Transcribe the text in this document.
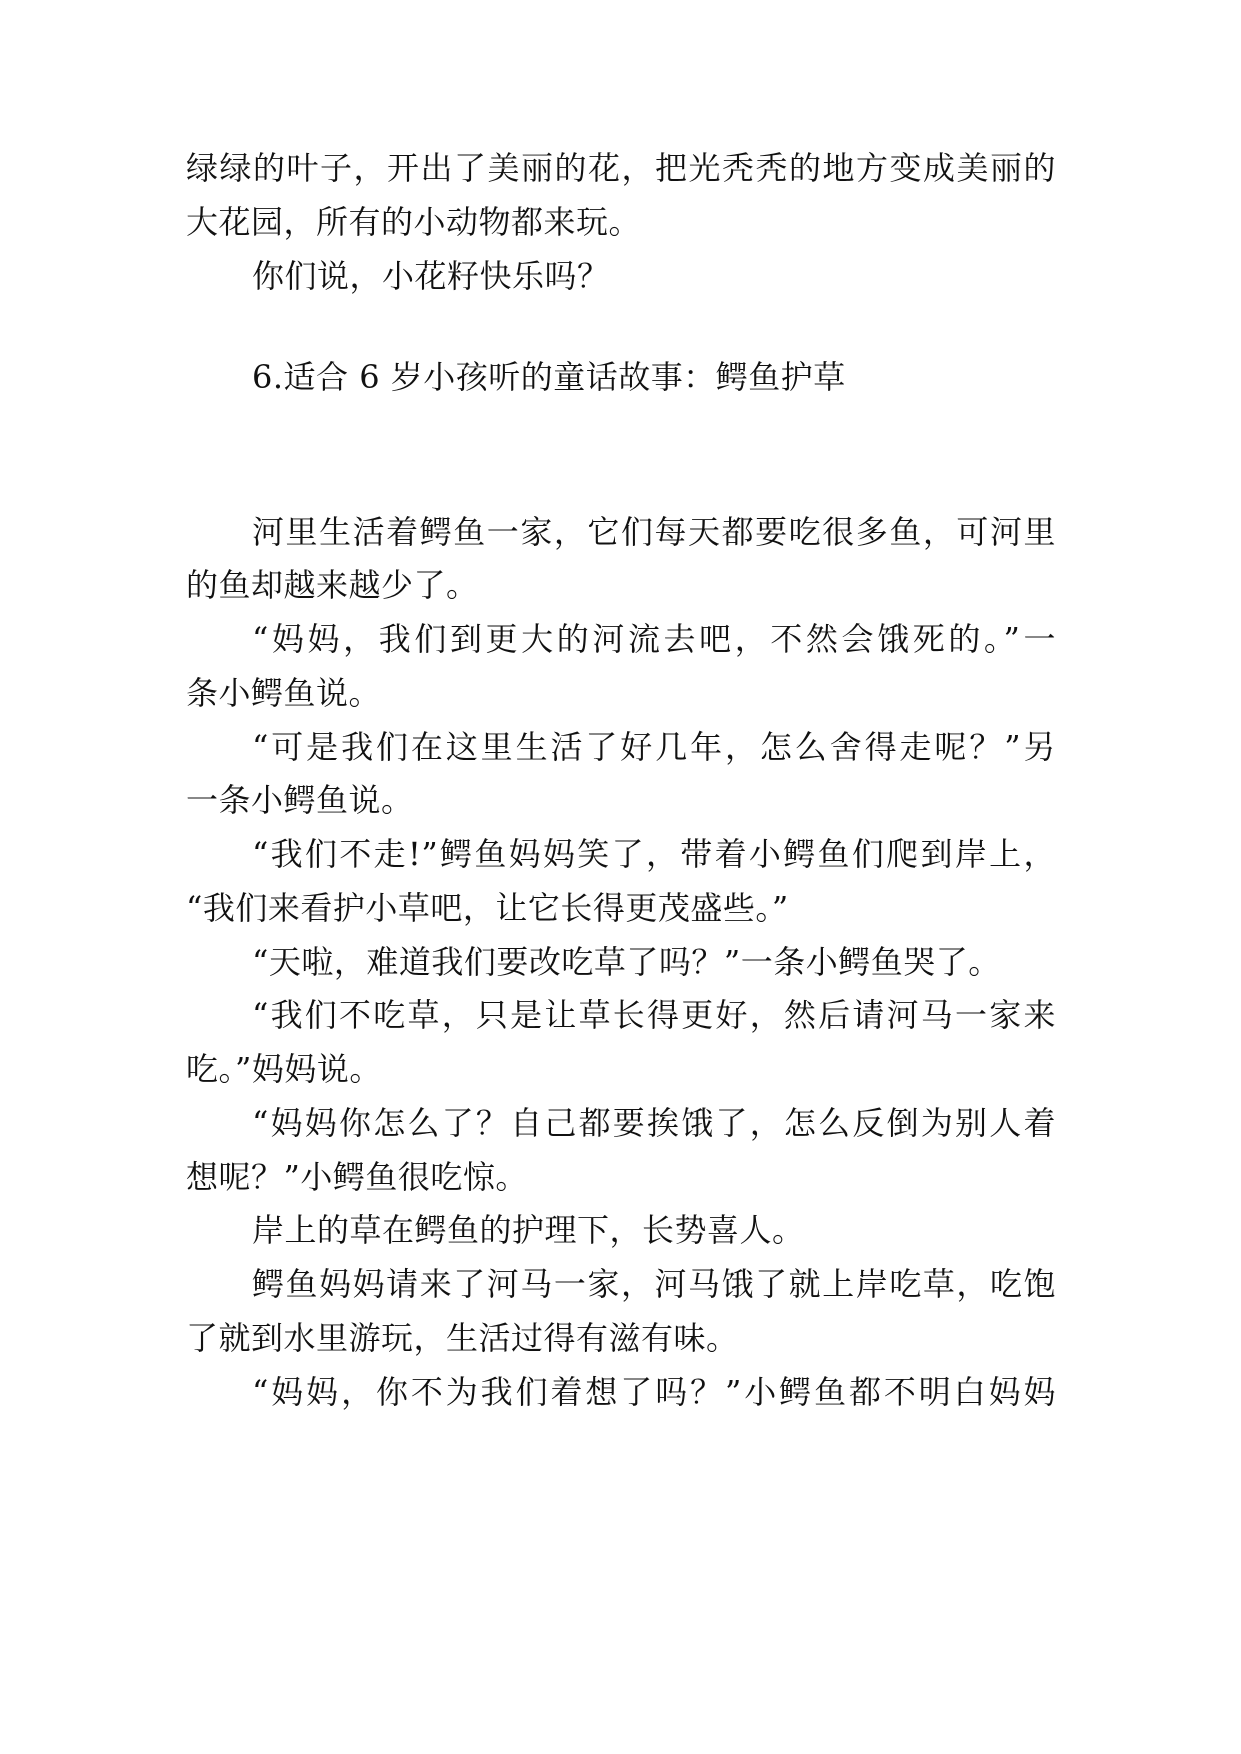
绿绿的叶子，开出了美丽的花，把光秃秃的地方变成美丽的
大花园，所有的小动物都来玩。
你们说，小花籽快乐吗？
6.适合 6 岁小孩听的童话故事：鳄鱼护草
河里生活着鳄鱼一家，它们每天都要吃很多鱼，可河里
的鱼却越来越少了。
“妈妈，我们到更大的河流去吧，不然会饿死的。”一
条小鳄鱼说。
“可是我们在这里生活了好几年，怎么舍得走呢？”另
一条小鳄鱼说。
“我们不走!”鳄鱼妈妈笑了，带着小鳄鱼们爬到岸上，
“我们来看护小草吧，让它长得更茂盛些。”
“天啦，难道我们要改吃草了吗？”一条小鳄鱼哭了。
“我们不吃草，只是让草长得更好，然后请河马一家来
吃。”妈妈说。
“妈妈你怎么了？自己都要挨饿了，怎么反倒为别人着
想呢？”小鳄鱼很吃惊。
岸上的草在鳄鱼的护理下，长势喜人。
鳄鱼妈妈请来了河马一家，河马饿了就上岸吃草，吃饱
了就到水里游玩，生活过得有滋有味。
“妈妈，你不为我们着想了吗？”小鳄鱼都不明白妈妈
